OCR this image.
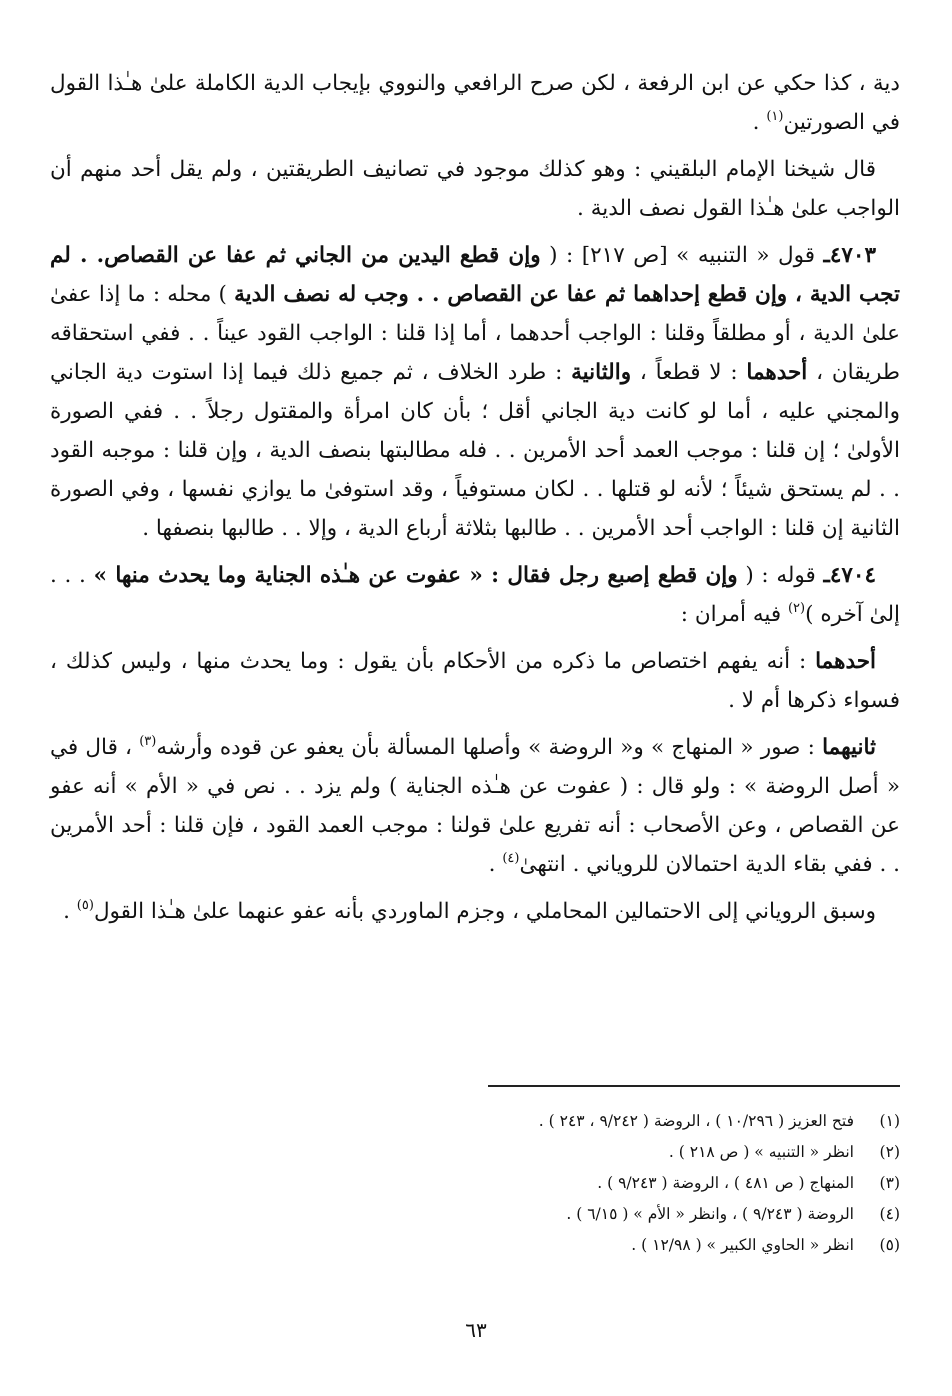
دية ، كذا حكي عن ابن الرفعة ، لكن صرح الرافعي والنووي بإيجاب الدية الكاملة علىٰ هـٰذا القول في الصورتين$^{(١)}$ .

قال شيخنا الإمام البلقيني : وهو كذلك موجود في تصانيف الطريقتين ، ولم يقل أحد منهم أن الواجب علىٰ هـٰذا القول نصف الدية .

٤٧٠٣ـ قول « التنبيه » [ص ٢١٧] : ( وإن قطع اليدين من الجاني ثم عفا عن القصاص. . لم تجب الدية ، وإن قطع إحداهما ثم عفا عن القصاص . . وجب له نصف الدية ) محله : ما إذا عفىٰ علىٰ الدية ، أو مطلقاً وقلنا : الواجب أحدهما ، أما إذا قلنا : الواجب القود عيناً . . ففي استحقاقه طريقان ، أحدهما : لا قطعاً ، والثانية : طرد الخلاف ، ثم جميع ذلك فيما إذا استوت دية الجاني والمجني عليه ، أما لو كانت دية الجاني أقل ؛ بأن كان امرأة والمقتول رجلاً . . ففي الصورة الأولىٰ ؛ إن قلنا : موجب العمد أحد الأمرين . . فله مطالبتها بنصف الدية ، وإن قلنا : موجبه القود . . لم يستحق شيئاً ؛ لأنه لو قتلها . . لكان مستوفياً ، وقد استوفىٰ ما يوازي نفسها ، وفي الصورة الثانية إن قلنا : الواجب أحد الأمرين . . طالبها بثلاثة أرباع الدية ، وإلا . . طالبها بنصفها .

٤٧٠٤ـ قوله : ( وإن قطع إصبع رجل فقال : « عفوت عن هـٰذه الجناية وما يحدث منها » . . . إلىٰ آخره )$^{(٢)}$ فيه أمران :

أحدهما : أنه يفهم اختصاص ما ذكره من الأحكام بأن يقول : وما يحدث منها ، وليس كذلك ، فسواء ذكرها أم لا .

ثانيهما : صور « المنهاج » و« الروضة » وأصلها المسألة بأن يعفو عن قوده وأرشه$^{(٣)}$ ، قال في « أصل الروضة » : ولو قال : ( عفوت عن هـٰذه الجناية ) ولم يزد . . نص في « الأم » أنه عفو عن القصاص ، وعن الأصحاب : أنه تفريع علىٰ قولنا : موجب العمد القود ، فإن قلنا : أحد الأمرين . . ففي بقاء الدية احتمالان للروياني . انتهىٰ$^{(٤)}$ .

وسبق الروياني إلى الاحتمالين المحاملي ، وجزم الماوردي بأنه عفو عنهما علىٰ هـٰذا القول$^{(٥)}$ .

(١)
فتح العزيز ( ١٠/٢٩٦ ) ، الروضة ( ٩/٢٤٢ ، ٢٤٣ ) .
(٢)
انظر « التنبيه » ( ص ٢١٨ ) .
(٣)
المنهاج ( ص ٤٨١ ) ، الروضة ( ٩/٢٤٣ ) .
(٤)
الروضة ( ٩/٢٤٣ ) ، وانظر « الأم » ( ٦/١٥ ) .
(٥)
انظر « الحاوي الكبير » ( ١٢/٩٨ ) .
٦٣
